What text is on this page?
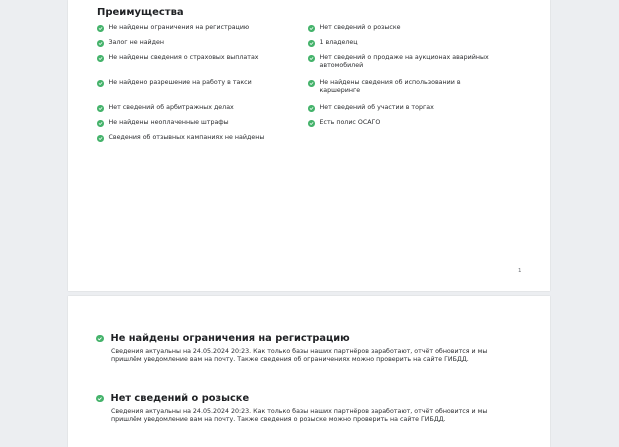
Преимущества
Не найдены ограничения на регистрацию
Залог не найден
Не найдены сведения о страховых выплатах
Не найдено разрешение на работу в такси
Нет сведений об арбитражных делах
Не найдены неоплаченные штрафы
Сведения об отзывных кампаниях не найдены
Нет сведений о розыске
1 владелец
Нет сведений о продаже на аукционах аварийных автомобилей
Не найдены сведения об использовании в каршеринге
Нет сведений об участии в торгах
Есть полис ОСАГО
1
Не найдены ограничения на регистрацию
Сведения актуальны на 24.05.2024 20:23. Как только базы наших партнёров заработают, отчёт обновится и мы пришлём уведомление вам на почту. Также сведения об ограничениях можно проверить на сайте ГИБДД.
Нет сведений о розыске
Сведения актуальны на 24.05.2024 20:23. Как только базы наших партнёров заработают, отчёт обновится и мы пришлём уведомление вам на почту. Также сведения о розыске можно проверить на сайте ГИБДД.
